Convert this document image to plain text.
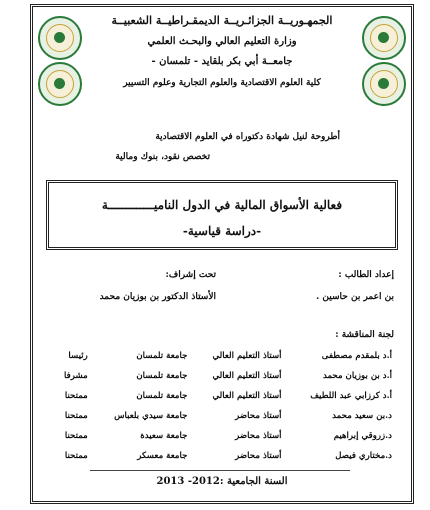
الجمهـوريــة الجزائـريــة الديمقـراطيــة الشعبيــة
وزارة التعليم العالي والبحـث العلمي
جامعــة أبي بكر بلقايد - تلمسان -
كلية العلوم الاقتصادية والعلوم التجارية وعلوم التسيير
أطروحة لنيل شهادة دكتوراه في العلوم الاقتصادية
تخصص نقود، بنوك ومالية
فعالية الأسواق المالية في الدول الناميـــــــــــــة
-دراسة قياسية-
إعداد الطالب :
بن اعمر بن حاسين .
تحت إشراف:
الأستاذ الدكتور بن بوزيان محمد
لجنة المناقشة :
أ.د بلمقدم مصطفى	أستاذ التعليم العالي	جامعة تلمسان	رئيسا
أ.د بن بوزيان محمد	أستاذ التعليم العالي	جامعة تلمسان	مشرفا
أ.د كرزابي عبد اللطيف	أستاذ التعليم العالي	جامعة تلمسان	ممتحنا
د.بن سعيد محمد	أستاذ محاضر	جامعة سيدي بلعباس	ممتحنا
د.زروقي إبراهيم	أستاذ محاضر	جامعة سعيدة	ممتحنا
د.مختاري فيصل	أستاذ محاضر	جامعة معسكر	ممتحنا
السنة الجامعية :2012- 2013
